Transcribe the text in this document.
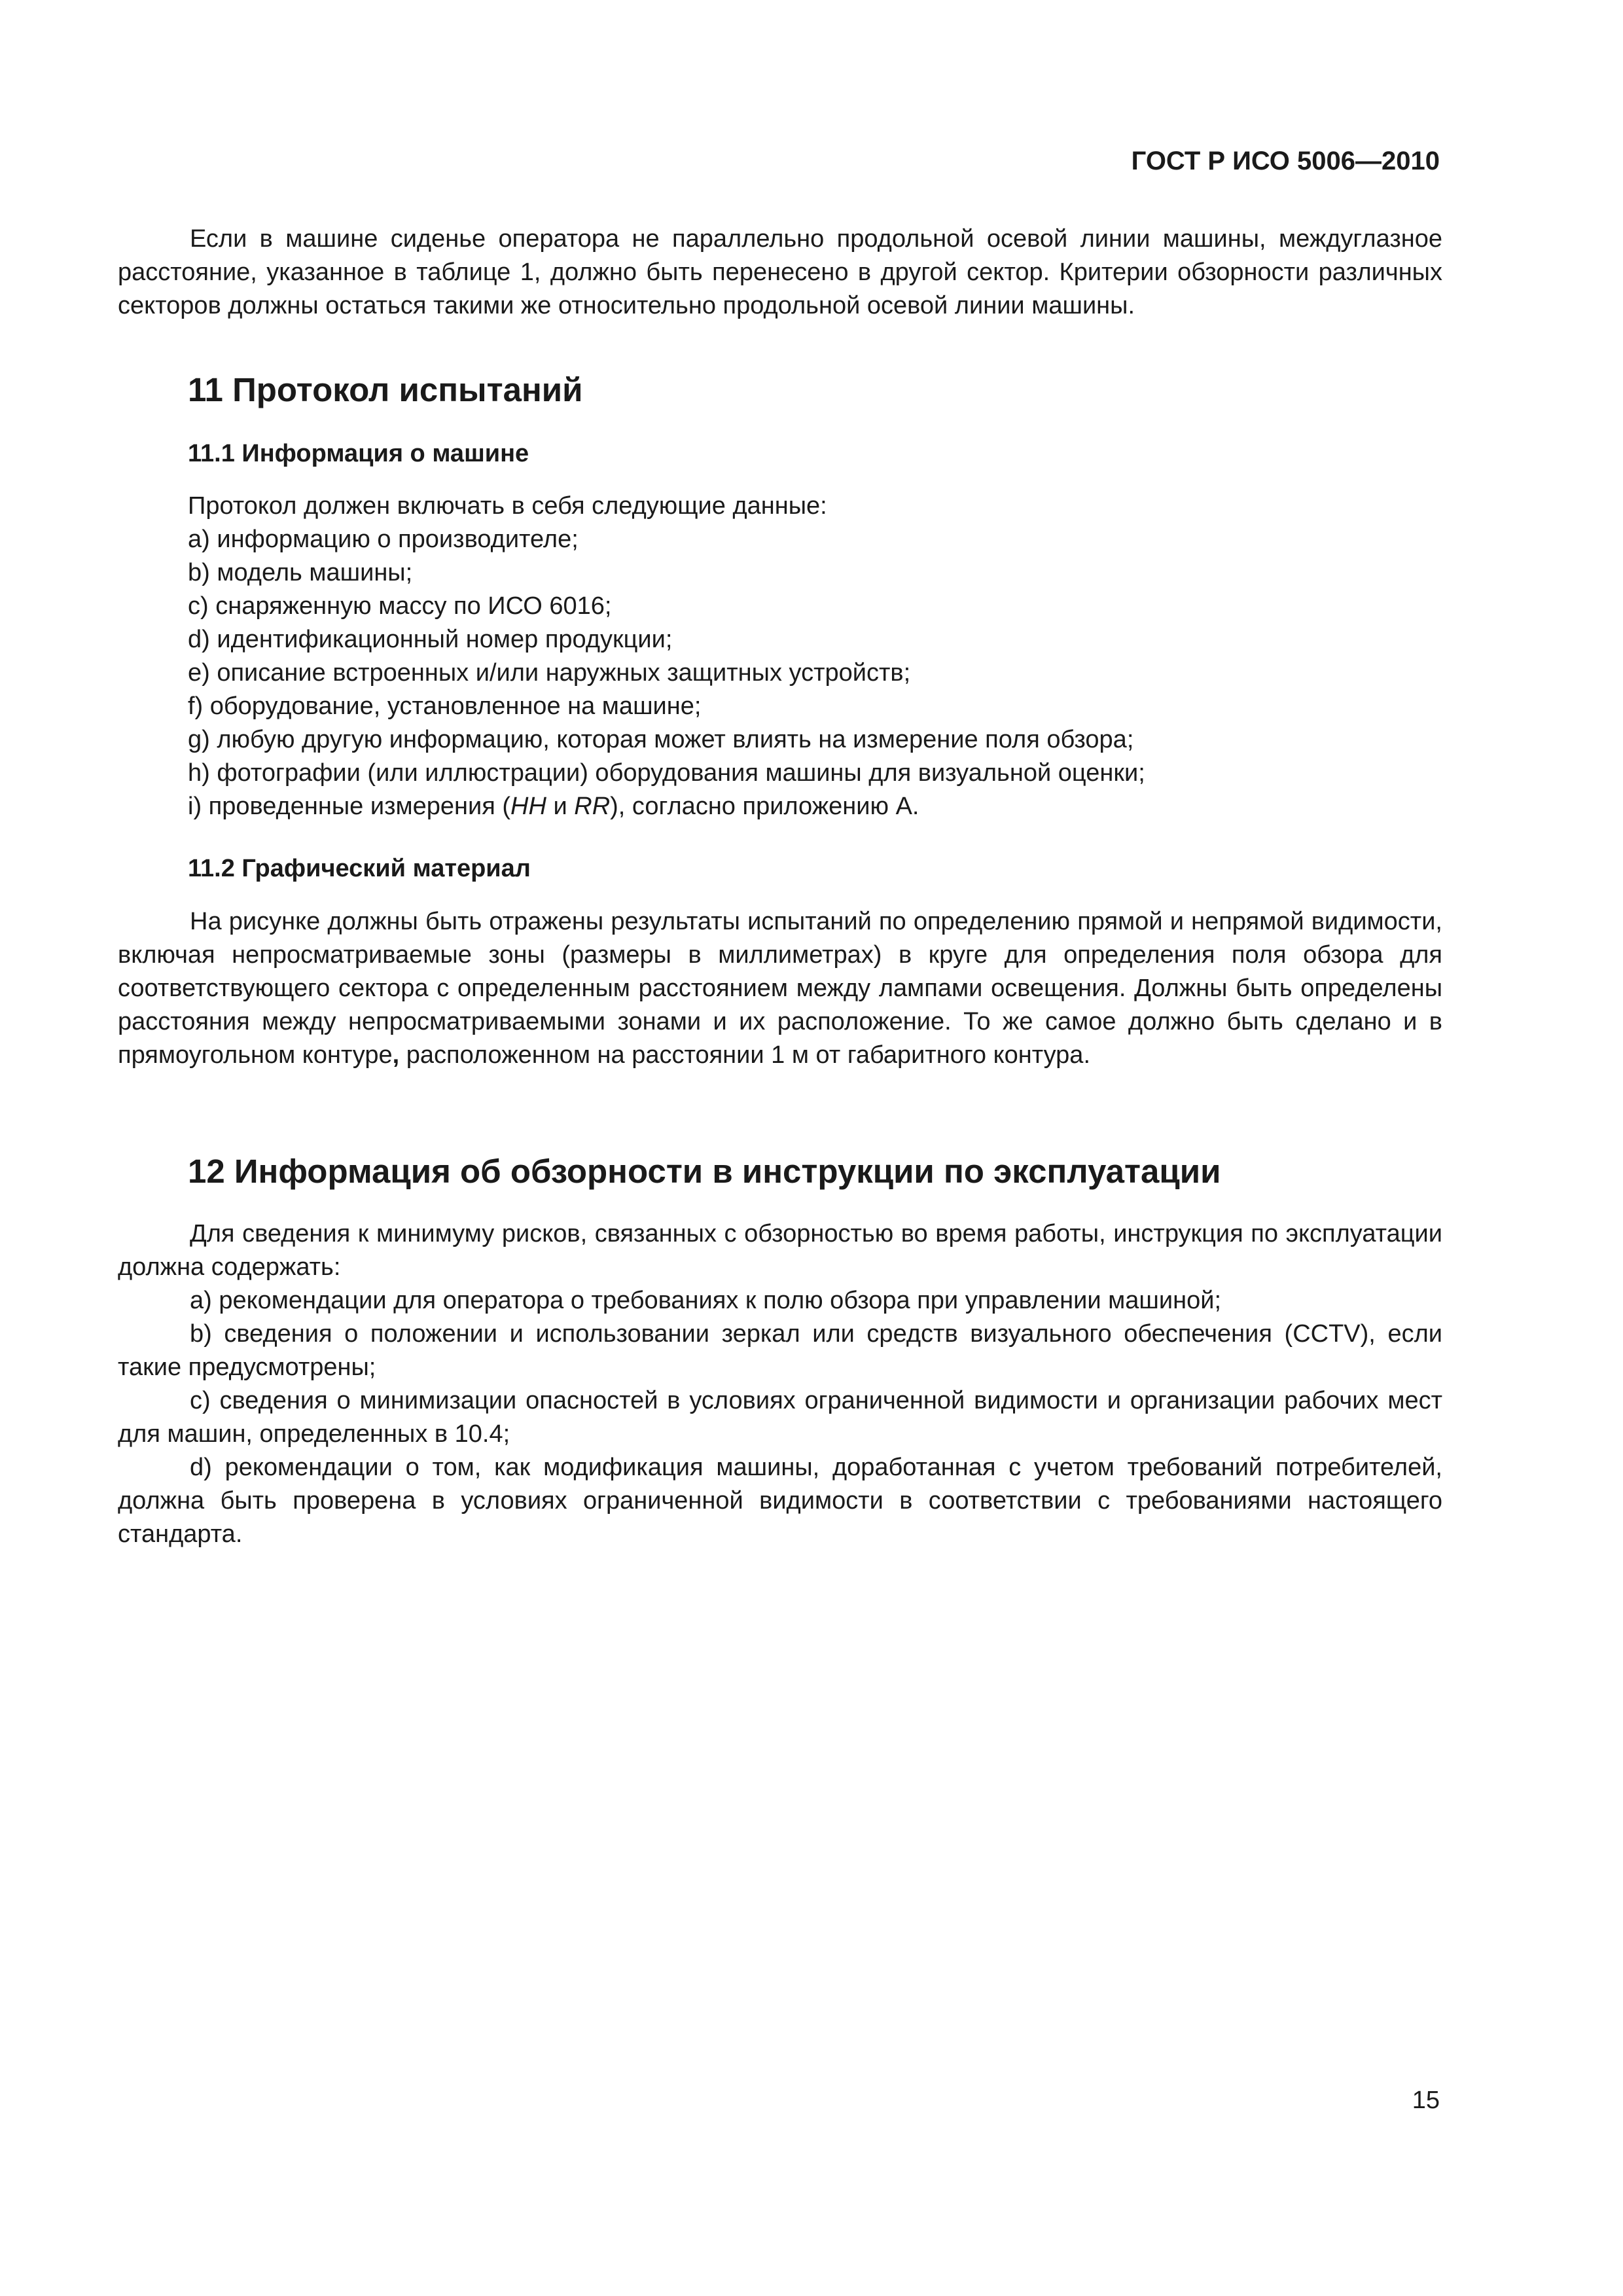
ГОСТ Р ИСО 5006—2010

Если в машине сиденье оператора не параллельно продольной осевой линии машины, междуглазное расстояние, указанное в таблице 1, должно быть перенесено в другой сектор. Критерии обзорности различных секторов должны остаться такими же относительно продольной осевой линии машины.

11 Протокол испытаний
11.1 Информация о машине

Протокол должен включать в себя следующие данные:

a) информацию о производителе;

b) модель машины;

c) снаряженную массу по ИСО 6016;

d) идентификационный номер продукции;

e) описание встроенных и/или наружных защитных устройств;

f) оборудование, установленное на машине;

g) любую другую информацию, которая может влиять на измерение поля обзора;

h) фотографии (или иллюстрации) оборудования машины для визуальной оценки;

i) проведенные измерения (HH и RR), согласно приложению А.

11.2 Графический материал

На рисунке должны быть отражены результаты испытаний по определению прямой и непрямой видимости, включая непросматриваемые зоны (размеры в миллиметрах) в круге для определения поля обзора для соответствующего сектора с определенным расстоянием между лампами освещения. Должны быть определены расстояния между непросматриваемыми зонами и их расположение. То же самое должно быть сделано и в прямоугольном контуре, расположенном на расстоянии 1 м от габаритного контура.

12 Информация об обзорности в инструкции по эксплуатации

Для сведения к минимуму рисков, связанных с обзорностью во время работы, инструкция по эксплуатации должна содержать:

a) рекомендации для оператора о требованиях к полю обзора при управлении машиной;

b) сведения о положении и использовании зеркал или средств визуального обеспечения (CCTV), если такие предусмотрены;

c) сведения о минимизации опасностей в условиях ограниченной видимости и организации рабочих мест для машин, определенных в 10.4;

d) рекомендации о том, как модификация машины, доработанная с учетом требований потребителей, должна быть проверена в условиях ограниченной видимости в соответствии с требованиями настоящего стандарта.

15
